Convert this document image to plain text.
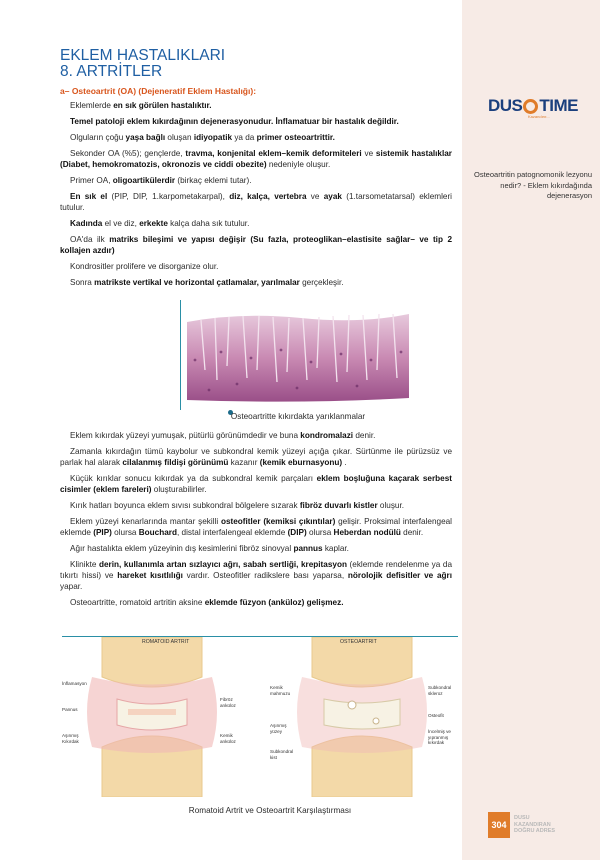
DUS TIME
Kazandırır...
Osteoartritin patognomonik lezyonu nedir? - Eklem kıkırdağında dejenerasyon
304
DUSU
KAZANDIRAN
DOĞRU ADRES
EKLEM HASTALIKLARI
8. ARTRİTLER
a– Osteoartrit (OA) (Dejeneratif Eklem Hastalığı):
Eklemlerde en sık görülen hastalıktır.
Temel patoloji eklem kıkırdağının dejenerasyonudur. İnflamatuar bir hastalık değildir.
Olguların çoğu yaşa bağlı oluşan idiyopatik ya da primer osteoartrittir.
Sekonder OA (%5); gençlerde, travma, konjenital eklem–kemik deformiteleri ve sistemik hastalıklar (Diabet, hemokromatozis, okronozis ve ciddi obezite) nedeniyle oluşur.
Primer OA, oligoartikülerdir (birkaç eklemi tutar).
En sık el (PIP, DIP, 1.karpometakarpal), diz, kalça, vertebra ve ayak (1.tarsometatarsal) eklemleri tutulur.
Kadında el ve diz, erkekte kalça daha sık tutulur.
OA'da ilk matriks bileşimi ve yapısı değişir (Su fazla, proteoglikan–elastisite sağlar– ve tip 2 kollajen azdır)
Kondrositler prolifere ve disorganize olur.
Sonra matrikste vertikal ve horizontal çatlamalar, yarılmalar gerçekleşir.
Osteoartritte kıkırdakta yarıklanmalar
Eklem kıkırdak yüzeyi yumuşak, pütürlü görünümdedir ve buna kondromalazi denir.
Zamanla kıkırdağın tümü kaybolur ve subkondral kemik yüzeyi açığa çıkar. Sürtünme ile pürüzsüz ve parlak hal alarak cilalanmış fildişi görünümü kazanır (kemik eburnasyonu) .
Küçük kırıklar sonucu kıkırdak ya da subkondral kemik parçaları eklem boşluğuna kaçarak serbest cisimler (eklem fareleri) oluşturabilirler.
Kırık hatları boyunca eklem sıvısı subkondral bölgelere sızarak fibröz duvarlı kistler oluşur.
Eklem yüzeyi kenarlarında mantar şekilli osteofitler (kemiksi çıkıntılar) gelişir. Proksimal interfalengeal eklemde (PIP) olursa Bouchard, distal interfalengeal eklemde (DIP) olursa Heberdan nodülü denir.
Ağır hastalıkta eklem yüzeyinin dış kesimlerini fibröz sinovyal pannus kaplar.
Klinikte derin, kullanımla artan sızlayıcı ağrı, sabah sertliği, krepitasyon (eklemde rendelenme ya da tıkırtı hissi) ve hareket kısıtlılığı vardır. Osteofitler radikslere bası yaparsa, nörolojik defisitler ve ağrı yapar.
Osteoartritte, romatoid artritin aksine eklemde füzyon (anküloz) gelişmez.
ROMATOID ARTRIT	OSTEOARTRIT
İnflamasyon
Pannus
Aşınmış Kıkırdak
Fibröz anküloz
Kemik anküloz
Kemik mahmuzu
Aşınmış yüzey
Subkondral kist
Subkondral skleroz
Osteofit
İncelmiş ve yıpranmış kıkırdak
Romatoid Artrit ve Osteoartrit Karşılaştırması
